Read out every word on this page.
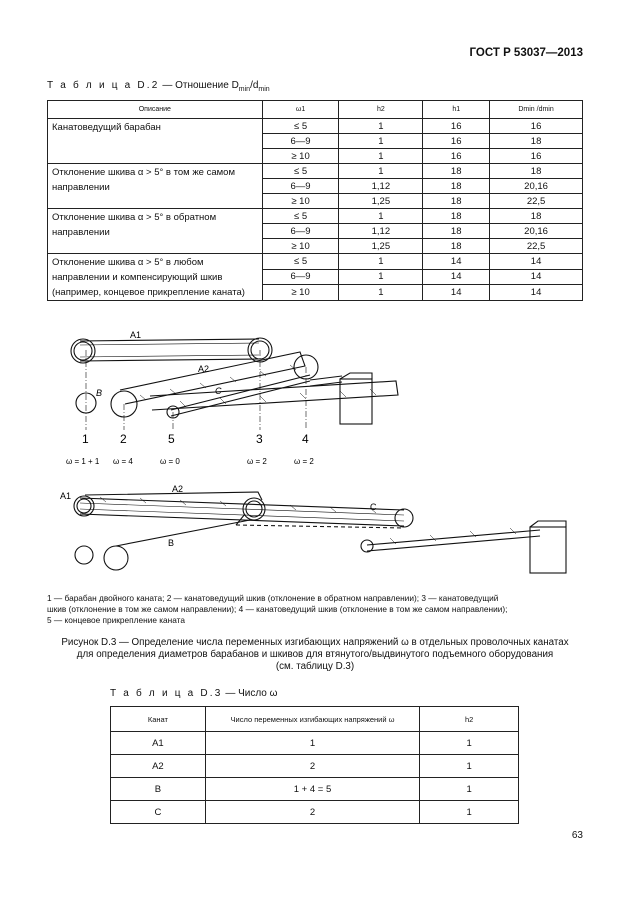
ГОСТ Р 53037—2013
Т а б л и ц а D.2 — Отношение $D_{min}/d_{min}$
Описание	ω1	h2	h1	Dmin /dmin
Канатоведущий барабан	≤ 5	1	16	16
	6—9	1	16	18
	≥ 10	1	16	16
Отклонение шкива α > 5° в том же самом направлении	≤ 5	1	18	18
	6—9	1,12	18	20,16
	≥ 10	1,25	18	22,5
Отклонение шкива α > 5° в обратном направлении	≤ 5	1	18	18
	6—9	1,12	18	20,16
	≥ 10	1,25	18	22,5
Отклонение шкива α > 5° в любом направлении и компенсирующий шкив (например, концевое прикрепление каната)	≤ 5	1	14	14
	6—9	1	14	14
	≥ 10	1	14	14
A1
A2
B	C
1	2	5	3	4
ω = 1 + 1 ω = 4	ω = 0	ω = 2	ω = 2
A1
A2
B
C
1 — барабан двойного каната; 2 — канатоведущий шкив (отклонение в обратном направлении); 3 — канатоведущий
шкив (отклонение в том же самом направлении); 4 — канатоведущий шкив (отклонение в том же самом направлении);
5 — концевое прикрепление каната
Рисунок D.3 — Определение числа переменных изгибающих напряжений ω в отдельных проволочных канатах
для определения диаметров барабанов и шкивов для втянутого/выдвинутого подъемного оборудования
(см. таблицу D.3)
Т а б л и ц а D.3 — Число ω
Канат	Число переменных изгибающих напряжений ω	h2
A1	1	1
A2	2	1
B	1 + 4 = 5	1
C	2	1
63
